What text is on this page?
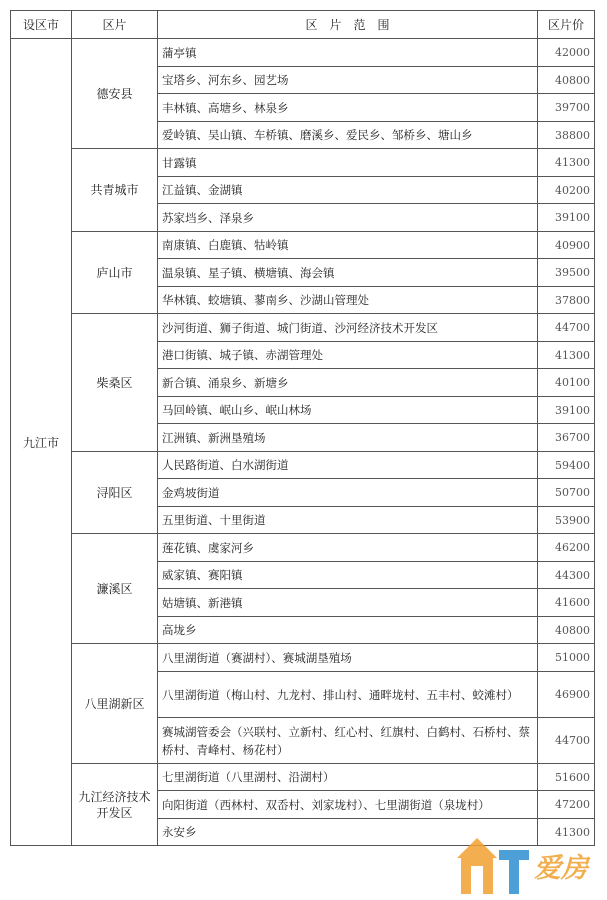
设区市	区片	区　片　范　围	区片价
九江市	德安县	蒲亭镇	42000
		宝塔乡、河东乡、园艺场	40800
		丰林镇、高塘乡、林泉乡	39700
		爱岭镇、吴山镇、车桥镇、磨溪乡、爱民乡、邹桥乡、塘山乡	38800
	共青城市	甘露镇	41300
		江益镇、金湖镇	40200
		苏家垱乡、泽泉乡	39100
	庐山市	南康镇、白鹿镇、牯岭镇	40900
		温泉镇、星子镇、横塘镇、海会镇	39500
		华林镇、蛟塘镇、蓼南乡、沙湖山管理处	37800
	柴桑区	沙河街道、狮子街道、城门街道、沙河经济技术开发区	44700
		港口街镇、城子镇、赤湖管理处	41300
		新合镇、涌泉乡、新塘乡	40100
		马回岭镇、岷山乡、岷山林场	39100
		江洲镇、新洲垦殖场	36700
	浔阳区	人民路街道、白水湖街道	59400
		金鸡坡街道	50700
		五里街道、十里街道	53900
	濂溪区	莲花镇、虞家河乡	46200
		威家镇、赛阳镇	44300
		姑塘镇、新港镇	41600
		高垅乡	40800
	八里湖新区	八里湖街道（赛湖村）、赛城湖垦殖场	51000
		八里湖街道（梅山村、九龙村、排山村、通畔垅村、五丰村、蛟滩村）	46900
		赛城湖管委会（兴联村、立新村、红心村、红旗村、白鹤村、石桥村、蔡桥村、青峰村、杨花村）	44700
	九江经济技术开发区	七里湖街道（八里湖村、沿湖村）	51600
		向阳街道（西林村、双岙村、刘家垅村）、七里湖街道（泉垅村）	47200
		永安乡	41300
爱房
